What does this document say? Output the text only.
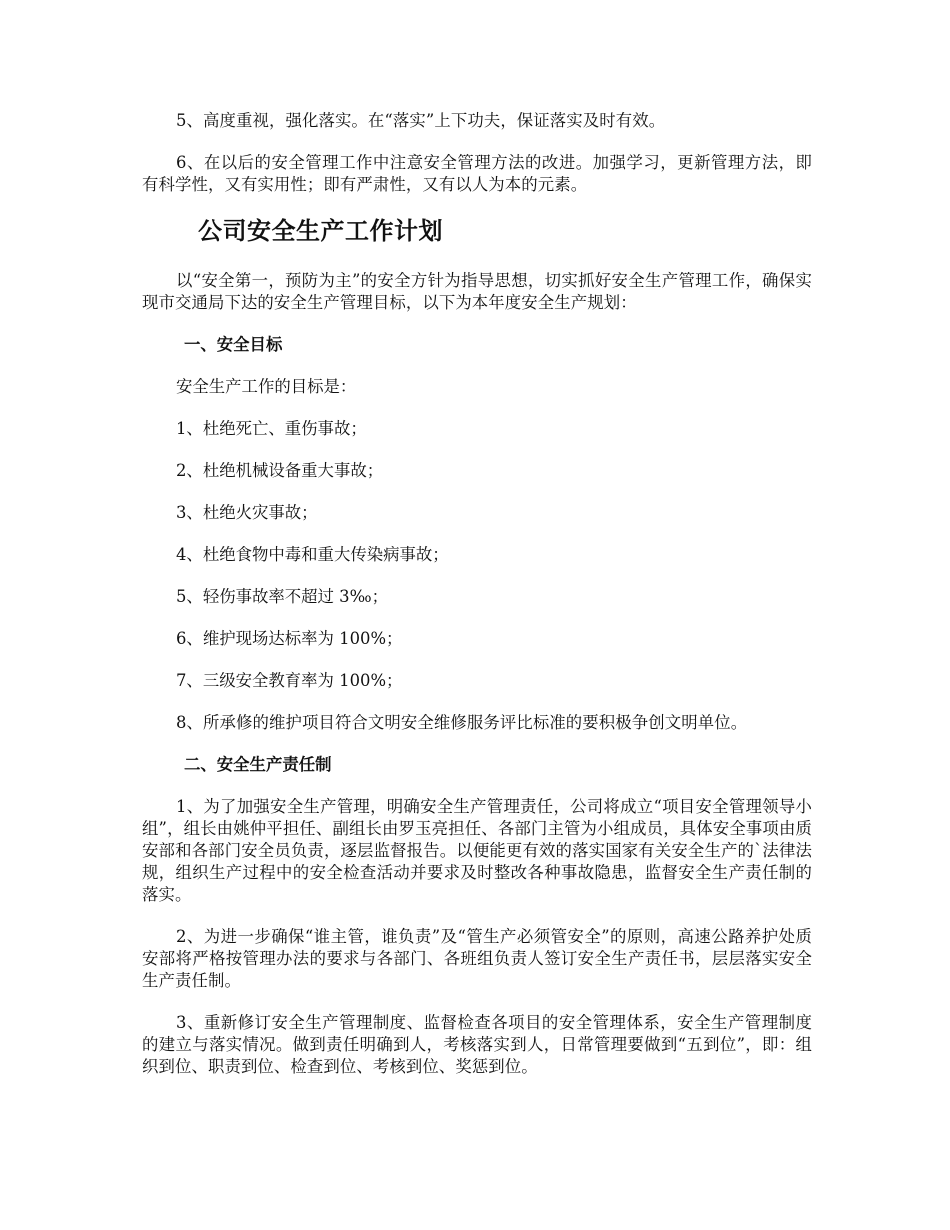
5、高度重视，强化落实。在“落实”上下功夫，保证落实及时有效。

6、在以后的安全管理工作中注意安全管理方法的改进。加强学习，更新管理方法，即有科学性，又有实用性；即有严肃性，又有以人为本的元素。

公司安全生产工作计划

以“安全第一，预防为主”的安全方针为指导思想，切实抓好安全生产管理工作，确保实现市交通局下达的安全生产管理目标，以下为本年度安全生产规划：

一、安全目标

安全生产工作的目标是：

1、杜绝死亡、重伤事故；

2、杜绝机械设备重大事故；

3、杜绝火灾事故；

4、杜绝食物中毒和重大传染病事故；

5、轻伤事故率不超过 3‰；

6、维护现场达标率为 100%；

7、三级安全教育率为 100%；

8、所承修的维护项目符合文明安全维修服务评比标准的要积极争创文明单位。

二、安全生产责任制

1、为了加强安全生产管理，明确安全生产管理责任，公司将成立“项目安全管理领导小组”，组长由姚仲平担任、副组长由罗玉亮担任、各部门主管为小组成员，具体安全事项由质安部和各部门安全员负责，逐层监督报告。以便能更有效的落实国家有关安全生产的`法律法规，组织生产过程中的安全检查活动并要求及时整改各种事故隐患，监督安全生产责任制的落实。

2、为进一步确保“谁主管，谁负责”及“管生产必须管安全”的原则，高速公路养护处质安部将严格按管理办法的要求与各部门、各班组负责人签订安全生产责任书，层层落实安全生产责任制。

3、重新修订安全生产管理制度、监督检查各项目的安全管理体系，安全生产管理制度的建立与落实情况。做到责任明确到人，考核落实到人，日常管理要做到“五到位”，即：组织到位、职责到位、检查到位、考核到位、奖惩到位。
